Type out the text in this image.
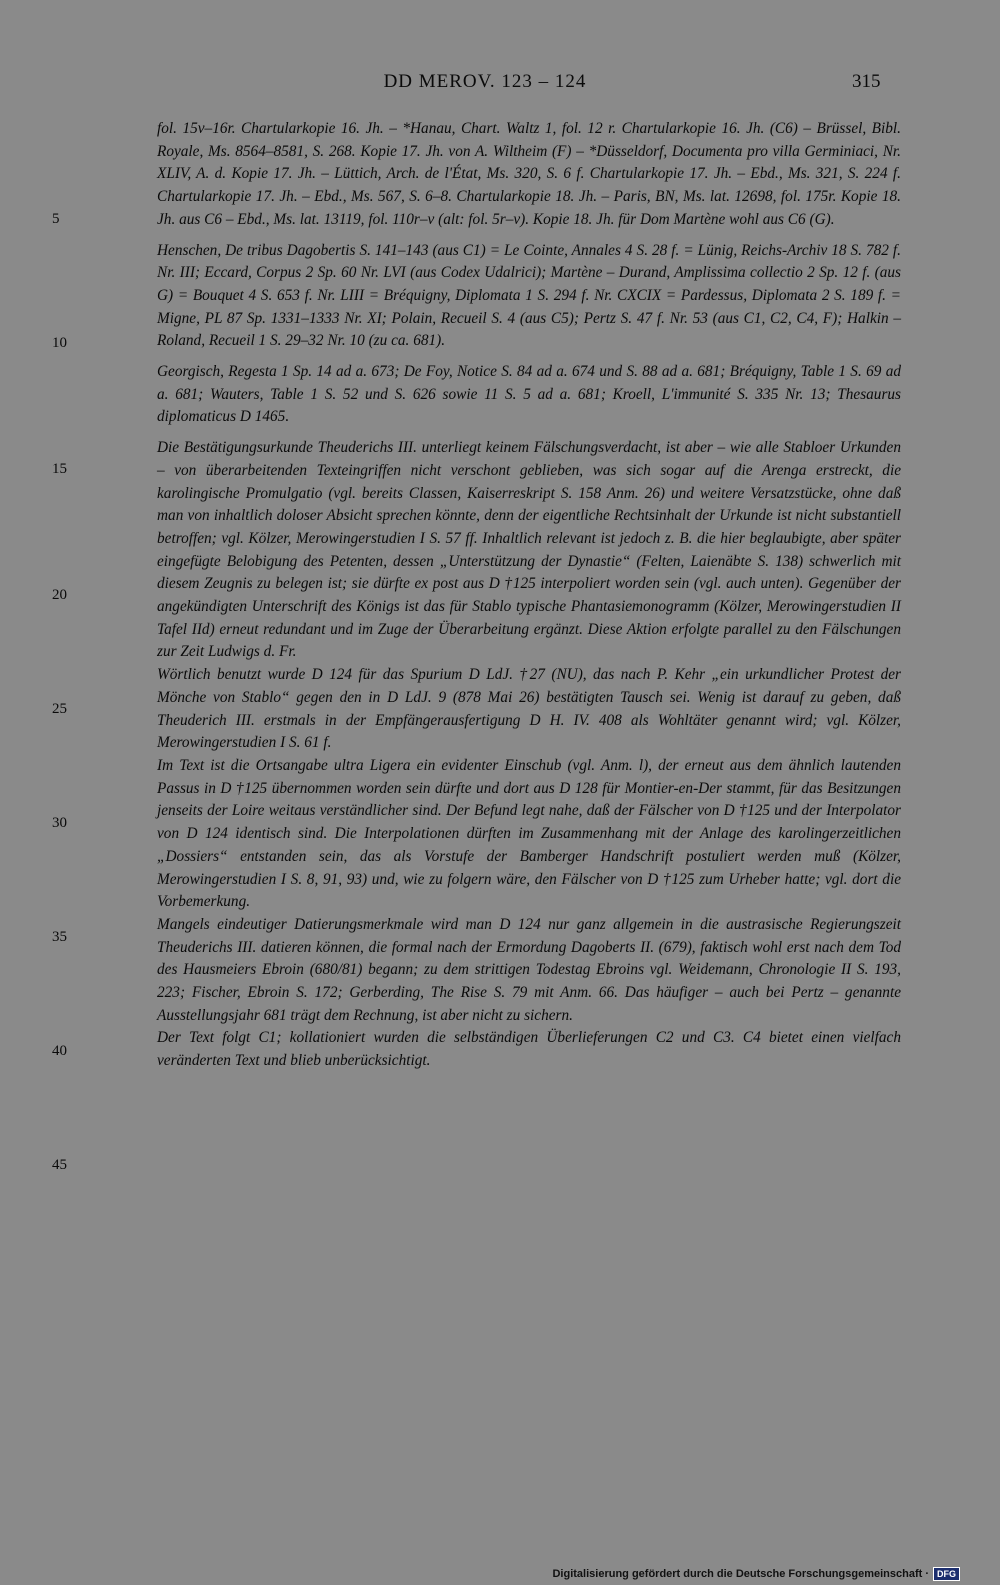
DD MEROV. 123 – 124	315
5
10
15
20
25
30
35
40
45

fol. 15v–16r. Chartularkopie 16. Jh. – *Hanau, Chart. Waltz 1, fol. 12 r. Chartularkopie 16. Jh. (C6) – Brüssel, Bibl. Royale, Ms. 8564–8581, S. 268. Kopie 17. Jh. von A. Wiltheim (F) – *Düsseldorf, Documenta pro villa Germiniaci, Nr. XLIV, A. d. Kopie 17. Jh. – Lüttich, Arch. de l'État, Ms. 320, S. 6 f. Chartularkopie 17. Jh. – Ebd., Ms. 321, S. 224 f. Chartularkopie 17. Jh. – Ebd., Ms. 567, S. 6–8. Chartularkopie 18. Jh. – Paris, BN, Ms. lat. 12698, fol. 175r. Kopie 18. Jh. aus C6 – Ebd., Ms. lat. 13119, fol. 110r–v (alt: fol. 5r–v). Kopie 18. Jh. für Dom Martène wohl aus C6 (G).

Henschen, De tribus Dagobertis S. 141–143 (aus C1) = Le Cointe, Annales 4 S. 28 f. = Lünig, Reichs-Archiv 18 S. 782 f. Nr. III; Eccard, Corpus 2 Sp. 60 Nr. LVI (aus Codex Udalrici); Martène – Durand, Amplissima collectio 2 Sp. 12 f. (aus G) = Bouquet 4 S. 653 f. Nr. LIII = Bréquigny, Diplomata 1 S. 294 f. Nr. CXCIX = Pardessus, Diplomata 2 S. 189 f. = Migne, PL 87 Sp. 1331–1333 Nr. XI; Polain, Recueil S. 4 (aus C5); Pertz S. 47 f. Nr. 53 (aus C1, C2, C4, F); Halkin – Roland, Recueil 1 S. 29–32 Nr. 10 (zu ca. 681).

Georgisch, Regesta 1 Sp. 14 ad a. 673; De Foy, Notice S. 84 ad a. 674 und S. 88 ad a. 681; Bréquigny, Table 1 S. 69 ad a. 681; Wauters, Table 1 S. 52 und S. 626 sowie 11 S. 5 ad a. 681; Kroell, L'immunité S. 335 Nr. 13; Thesaurus diplomaticus D 1465.

Die Bestätigungsurkunde Theuderichs III. unterliegt keinem Fälschungsverdacht, ist aber – wie alle Stabloer Urkunden – von überarbeitenden Texteingriffen nicht verschont geblieben, was sich sogar auf die Arenga erstreckt, die karolingische Promulgatio (vgl. bereits Classen, Kaiserreskript S. 158 Anm. 26) und weitere Versatzstücke, ohne daß man von inhaltlich doloser Absicht sprechen könnte, denn der eigentliche Rechtsinhalt der Urkunde ist nicht substantiell betroffen; vgl. Kölzer, Merowingerstudien I S. 57 ff. Inhaltlich relevant ist jedoch z. B. die hier beglaubigte, aber später eingefügte Belobigung des Petenten, dessen „Unterstützung der Dynastie“ (Felten, Laienäbte S. 138) schwerlich mit diesem Zeugnis zu belegen ist; sie dürfte ex post aus D †125 interpoliert worden sein (vgl. auch unten). Gegenüber der angekündigten Unterschrift des Königs ist das für Stablo typische Phantasiemonogramm (Kölzer, Merowingerstudien II Tafel IId) erneut redundant und im Zuge der Überarbeitung ergänzt. Diese Aktion erfolgte parallel zu den Fälschungen zur Zeit Ludwigs d. Fr.

Wörtlich benutzt wurde D 124 für das Spurium D LdJ. †27 (NU), das nach P. Kehr „ein urkundlicher Protest der Mönche von Stablo“ gegen den in D LdJ. 9 (878 Mai 26) bestätigten Tausch sei. Wenig ist darauf zu geben, daß Theuderich III. erstmals in der Empfängerausfertigung D H. IV. 408 als Wohltäter genannt wird; vgl. Kölzer, Merowingerstudien I S. 61 f.

Im Text ist die Ortsangabe ultra Ligera ein evidenter Einschub (vgl. Anm. l), der erneut aus dem ähnlich lautenden Passus in D †125 übernommen worden sein dürfte und dort aus D 128 für Montier-en-Der stammt, für das Besitzungen jenseits der Loire weitaus verständlicher sind. Der Befund legt nahe, daß der Fälscher von D †125 und der Interpolator von D 124 identisch sind. Die Interpolationen dürften im Zusammenhang mit der Anlage des karolingerzeitlichen „Dossiers“ entstanden sein, das als Vorstufe der Bamberger Handschrift postuliert werden muß (Kölzer, Merowingerstudien I S. 8, 91, 93) und, wie zu folgern wäre, den Fälscher von D †125 zum Urheber hatte; vgl. dort die Vorbemerkung.

Mangels eindeutiger Datierungsmerkmale wird man D 124 nur ganz allgemein in die austrasische Regierungszeit Theuderichs III. datieren können, die formal nach der Ermordung Dagoberts II. (679), faktisch wohl erst nach dem Tod des Hausmeiers Ebroin (680/81) begann; zu dem strittigen Todestag Ebroins vgl. Weidemann, Chronologie II S. 193, 223; Fischer, Ebroin S. 172; Gerberding, The Rise S. 79 mit Anm. 66. Das häufiger – auch bei Pertz – genannte Ausstellungsjahr 681 trägt dem Rechnung, ist aber nicht zu sichern.

Der Text folgt C1; kollationiert wurden die selbständigen Überlieferungen C2 und C3. C4 bietet einen vielfach veränderten Text und blieb unberücksichtigt.

Digitalisierung gefördert durch die Deutsche Forschungsgemeinschaft · DFG
